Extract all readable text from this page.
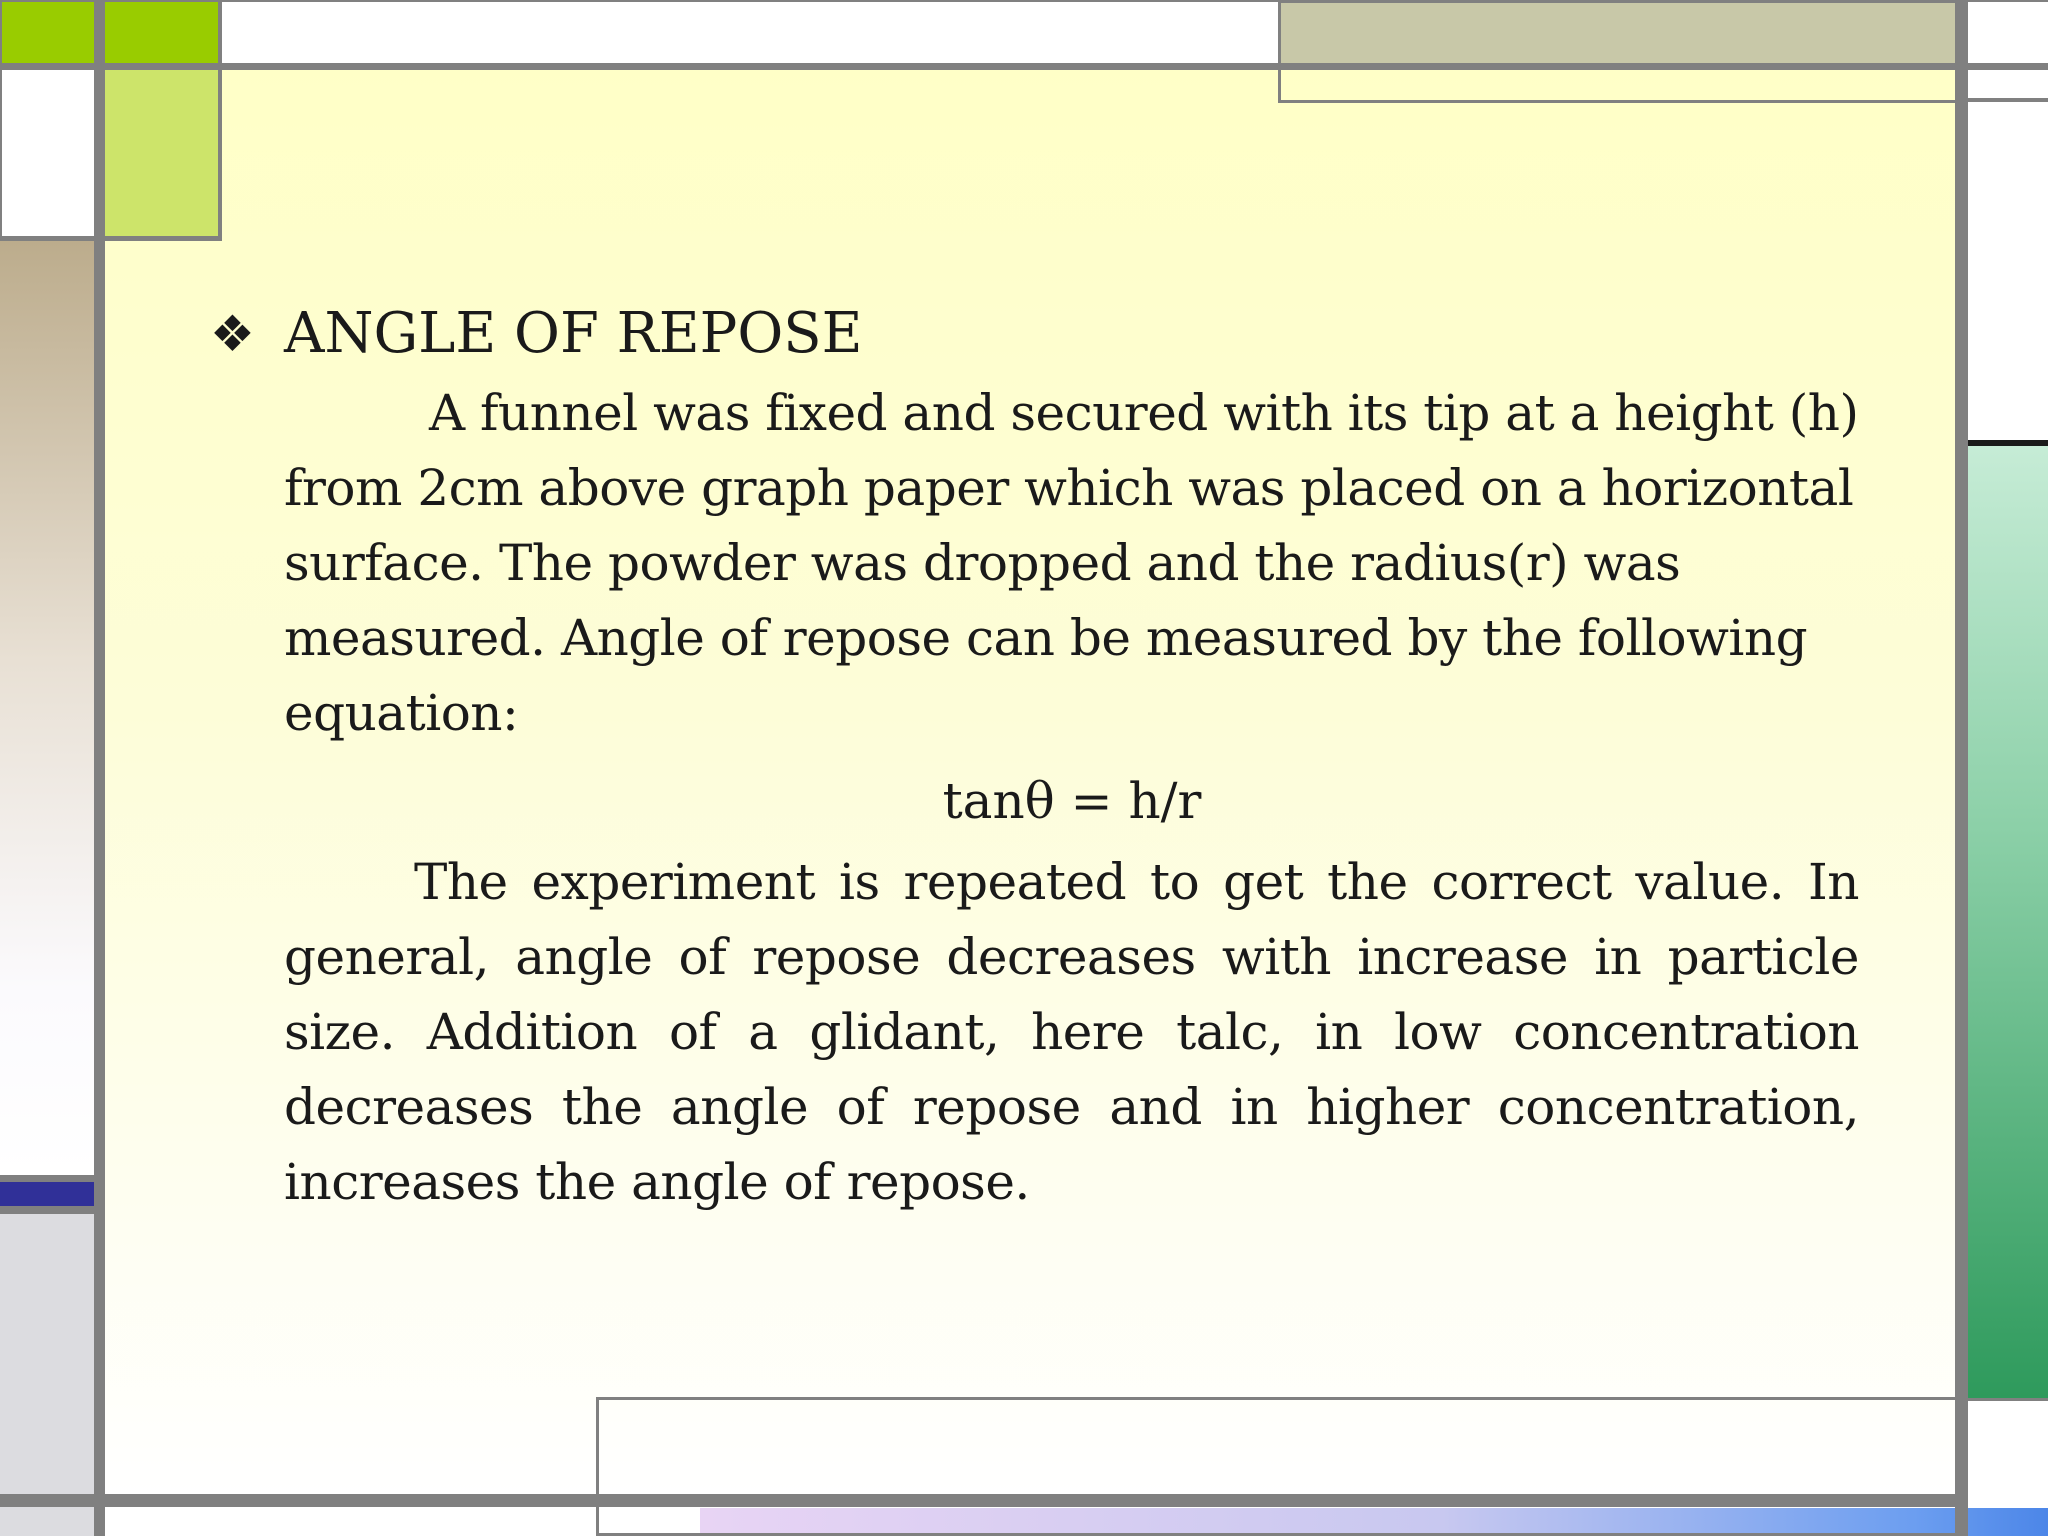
❖ ANGLE OF REPOSE

A funnel was fixed and secured with its tip at a height (h) from 2cm above graph paper which was placed on a horizontal surface. The powder was dropped and the radius(r) was measured. Angle of repose can be measured by the following equation:

tanθ = h/r

The experiment is repeated to get the correct value. In general, angle of repose decreases with increase in particle size. Addition of a glidant, here talc, in low concentration decreases the angle of repose and in higher concentration, increases the angle of repose.
